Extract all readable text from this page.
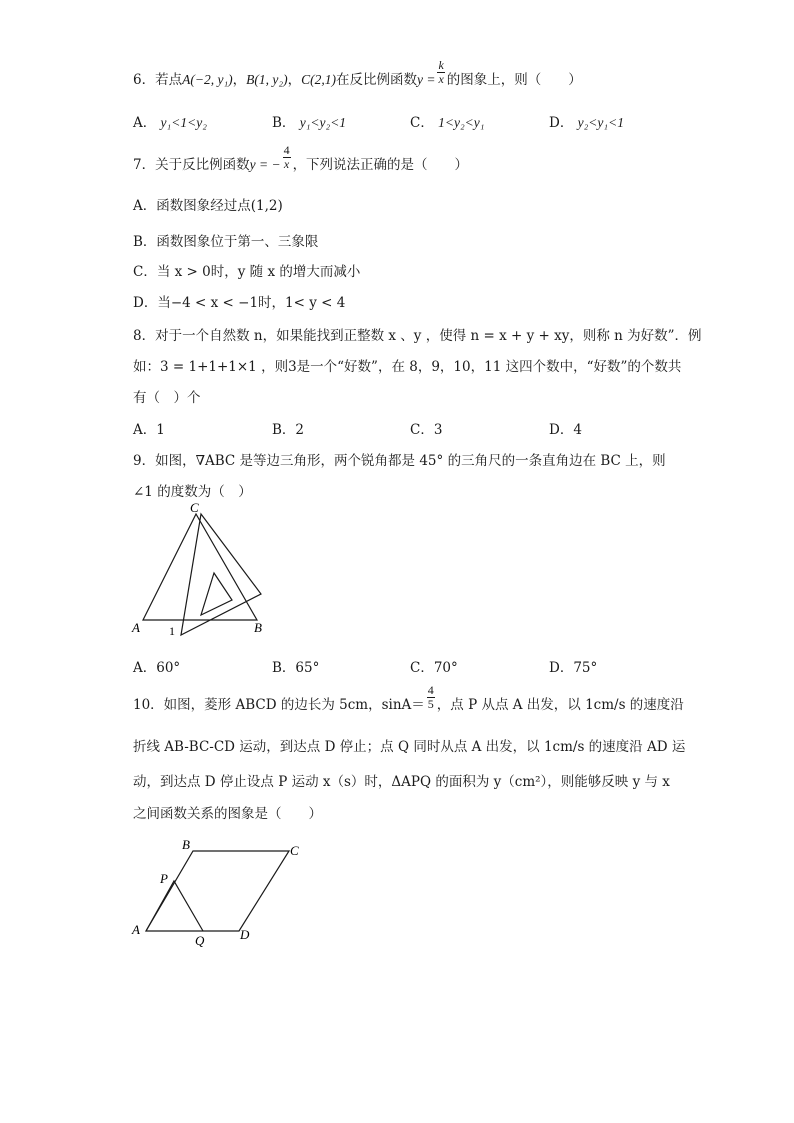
6．若点A(−2, y₁)，B(1, y₂)，C(2,1)在反比例函数$y = \frac{k}{x}$ 的图象上，则（　　）
A． y₁<1<y₂	B． y₁<y₂<1	C． 1<y₂<y₁	D． y₂<y₁<1
7．关于反比例函数y = − $\frac{4}{x}$ ，下列说法正确的是（　　）
A．函数图象经过点(1,2)
B．函数图象位于第一、三象限
C．当 x > 0时，y 随 x 的增大而减小
D．当−4 < x < −1时，1< y < 4
8．对于一个自然数 n，如果能找到正整数 x 、y ，使得 n = x + y + xy，则称 n 为好数”．例
如：3 = 1+1+1×1 ，则3是一个“好数”，在 8，9，10，11 这四个数中，“好数”的个数共
有（　）个
A．1	B．2	C．3	D．4
9．如图，∇ABC 是等边三角形，两个锐角都是 45° 的三角尺的一条直角边在 BC 上，则
∠1 的度数为（　）
C
A	B
1
A．60°	B．65°	C．70°	D．75°
10．如图，菱形 ABCD 的边长为 5cm，$\sin A= \frac{4}{5}$ ，点 P 从点 A 出发，以 1cm/s 的速度沿
折线 AB-BC-CD 运动，到达点 D 停止；点 Q 同时从点 A 出发，以 1cm/s 的速度沿 AD 运
动，到达点 D 停止设点 P 运动 x（s）时，ΔAPQ 的面积为 y（cm²），则能够反映 y 与 x
之间函数关系的图象是（　　）
A
B	C
D
P
Q
